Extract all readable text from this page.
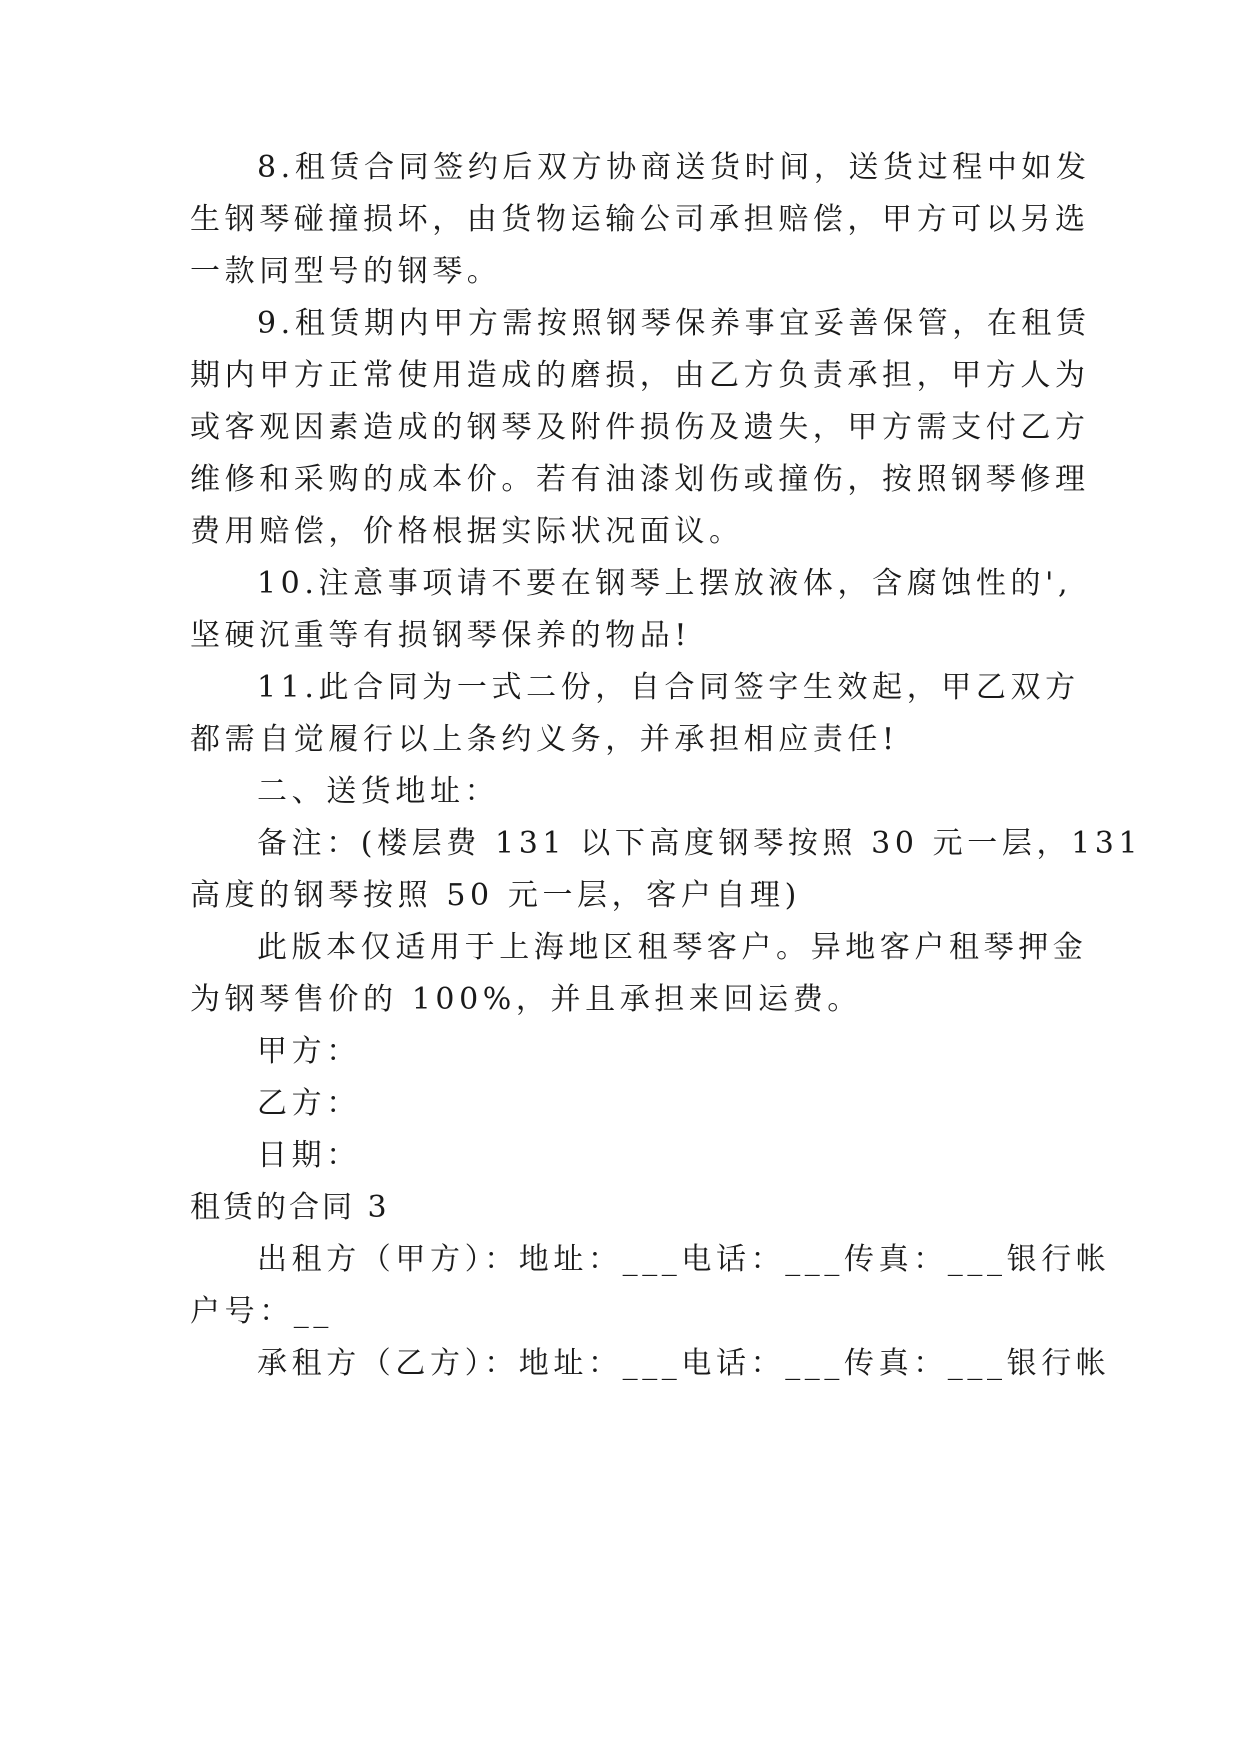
8.租赁合同签约后双方协商送货时间，送货过程中如发
生钢琴碰撞损坏，由货物运输公司承担赔偿，甲方可以另选
一款同型号的钢琴。
9.租赁期内甲方需按照钢琴保养事宜妥善保管，在租赁
期内甲方正常使用造成的磨损，由乙方负责承担，甲方人为
或客观因素造成的钢琴及附件损伤及遗失，甲方需支付乙方
维修和采购的成本价。若有油漆划伤或撞伤，按照钢琴修理
费用赔偿，价格根据实际状况面议。
10.注意事项请不要在钢琴上摆放液体，含腐蚀性的',
坚硬沉重等有损钢琴保养的物品!
11.此合同为一式二份，自合同签字生效起，甲乙双方
都需自觉履行以上条约义务，并承担相应责任!
二、送货地址：
备注：(楼层费 131 以下高度钢琴按照 30 元一层，131
高度的钢琴按照 50 元一层，客户自理)
此版本仅适用于上海地区租琴客户。异地客户租琴押金
为钢琴售价的 100%，并且承担来回运费。
甲方：
乙方：
日期：
租赁的合同 3
出租方（甲方）：地址：___电话：___传真：___银行帐
户号：__
承租方（乙方）：地址：___电话：___传真：___银行帐
